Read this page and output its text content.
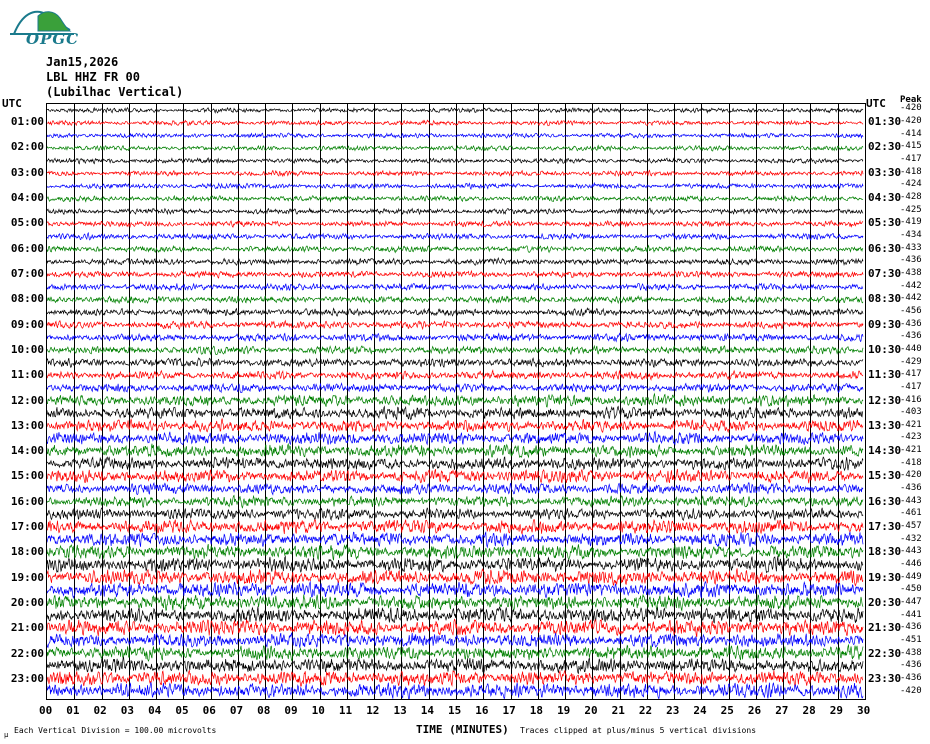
OPGC
Jan15,2026
LBL HHZ FR 00
(Lubilhac Vertical)
UTC	UTC Peak
-420
01:00	01:30
-420
-414
02:00	02:30
-415
-417
03:00	03:30
-418
-424
04:00	04:30
-428
-425
05:00	05:30
-419
-434
06:00	06:30
-433
-436
07:00	07:30
-438
-442
08:00	08:30
-442
-456
09:00	09:30
-436
-436
10:00	10:30
-440
-429
11:00	11:30
-417
-417
12:00	12:30
-416
-403
13:00	13:30
-421
-423
14:00	14:30
-421
-418
15:00	15:30
-420
-436
16:00	16:30
-443
-461
17:00	17:30
-457
-432
18:00	18:30
-443
-446
19:00	19:30
-449
-450
20:00	20:30
-447
-441
21:00	21:30
-436
-451
22:00	22:30
-438
-436
23:00	23:30
-436
-420
00 01 02 03 04 05 06 07 08 09 10 11 12 13 14 15 16 17 18 19 20 21 22 23 24 25 26 27 28 29 30
µ Each Vertical Division = 100.00 microvolts	TIME (MINUTES) Traces clipped at plus/minus 5 vertical divisions
